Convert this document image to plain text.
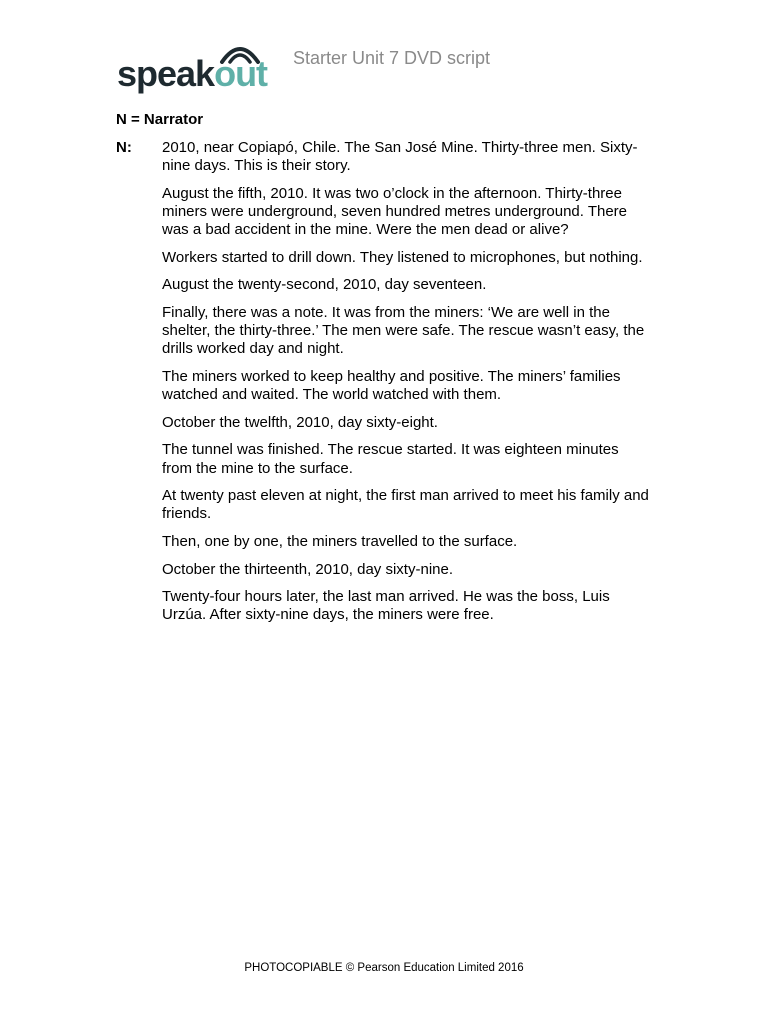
speakout Starter Unit 7 DVD script
N = Narrator
N: 2010, near Copiapó, Chile. The San José Mine. Thirty-three men. Sixty-nine days. This is their story.

August the fifth, 2010. It was two o’clock in the afternoon. Thirty-three miners were underground, seven hundred metres underground. There was a bad accident in the mine. Were the men dead or alive?

Workers started to drill down. They listened to microphones, but nothing.

August the twenty-second, 2010, day seventeen.

Finally, there was a note. It was from the miners: ‘We are well in the shelter, the thirty-three.’ The men were safe. The rescue wasn’t easy, the drills worked day and night.

The miners worked to keep healthy and positive. The miners’ families watched and waited. The world watched with them.

October the twelfth, 2010, day sixty-eight.

The tunnel was finished. The rescue started. It was eighteen minutes from the mine to the surface.

At twenty past eleven at night, the first man arrived to meet his family and friends.

Then, one by one, the miners travelled to the surface.

October the thirteenth, 2010, day sixty-nine.

Twenty-four hours later, the last man arrived. He was the boss, Luis Urzúa. After sixty-nine days, the miners were free.

PHOTOCOPIABLE © Pearson Education Limited 2016
